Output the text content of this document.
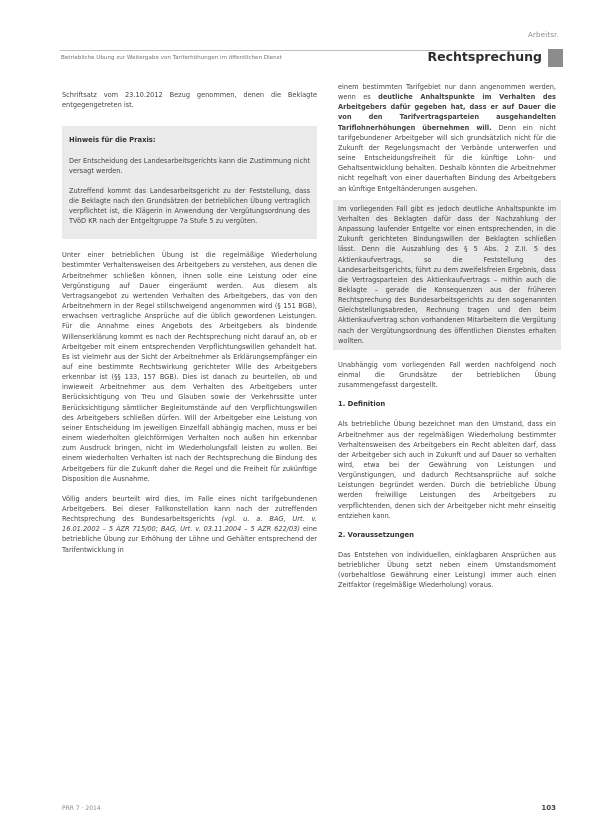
Arbeitsr.
Betriebliche Übung zur Weitergabe von Tariferhöhungen im öffentlichen Dienst	Rechtsprechung

Schriftsatz vom 23.10.2012 Bezug genommen, denen die Beklagte entgegengetreten ist.

Hinweis für die Praxis:

Der Entscheidung des Landesarbeitsgerichts kann die Zustimmung nicht versagt werden.

Zutreffend kommt das Landesarbeitsgericht zu der Feststellung, dass die Beklagte nach den Grundsätzen der betrieblichen Übung vertraglich verpflichtet ist, die Klägerin in Anwendung der Vergütungsordnung des TVöD KR nach der Entgeltgruppe 7a Stufe 5 zu vergüten.

Unter einer betrieblichen Übung ist die regelmäßige Wiederholung bestimmter Verhaltensweisen des Arbeitgebers zu verstehen, aus denen die Arbeitnehmer schließen können, ihnen solle eine Leistung oder eine Vergünstigung auf Dauer eingeräumt werden. Aus diesem als Vertragsangebot zu wertenden Verhalten des Arbeitgebers, das von den Arbeitnehmern in der Regel stillschweigend angenommen wird (§ 151 BGB), erwachsen vertragliche Ansprüche auf die üblich gewordenen Leistungen. Für die Annahme eines Angebots des Arbeitgebers als bindende Willenserklärung kommt es nach der Rechtsprechung nicht darauf an, ob er Arbeitgeber mit einem entsprechenden Verpflichtungswillen gehandelt hat. Es ist vielmehr aus der Sicht der Arbeitnehmer als Erklärungsempfänger ein auf eine bestimmte Rechtswirkung gerichteter Wille des Arbeitgebers erkennbar ist (§§ 133, 157 BGB). Dies ist danach zu beurteilen, ob und inwieweit Arbeitnehmer aus dem Verhalten des Arbeitgebers unter Berücksichtigung von Treu und Glauben sowie der Verkehrssitte unter Berücksichtigung sämtlicher Begleitumstände auf den Verpflichtungswillen des Arbeitgebers schließen dürfen. Will der Arbeitgeber eine Leistung von seiner Entscheidung im jeweiligen Einzelfall abhängig machen, muss er bei einem wiederholten gleichförmigen Verhalten noch außen hin erkennbar zum Ausdruck bringen, nicht im Wiederholungsfall leisten zu wollen. Bei einem wiederholten Verhalten ist nach der Rechtsprechung die Bindung des Arbeitgebers für die Zukunft daher die Regel und die Freiheit für zukünftige Disposition die Ausnahme.

Völlig anders beurteilt wird dies, im Falle eines nicht tarifgebundenen Arbeitgebers. Bei dieser Fallkonstellation kann nach der zutreffenden Rechtsprechung des Bundesarbeitsgerichts (vgl. u. a. BAG, Urt. v. 16.01.2002 – 5 AZR 715/00; BAG, Urt. v. 03.11.2004 – 5 AZR 622/03) eine betriebliche Übung zur Erhöhung der Löhne und Gehälter entsprechend der Tarifentwicklung in

einem bestimmten Tarifgebiet nur dann angenommen werden, wenn es deutliche Anhaltspunkte im Verhalten des Arbeitgebers dafür gegeben hat, dass er auf Dauer die von den Tarifvertragsparteien ausgehandelten Tariflohnerhöhungen übernehmen will. Denn ein nicht tarifgebundener Arbeitgeber will sich grundsätzlich nicht für die Zukunft der Regelungsmacht der Verbände unterwerfen und seine Entscheidungsfreiheit für die künftige Lohn- und Gehaltsentwicklung behalten. Deshalb könnten die Arbeitnehmer nicht regelhaft von einer dauerhaften Bindung des Arbeitgebers an künftige Entgeltänderungen ausgehen.

Im vorliegenden Fall gibt es jedoch deutliche Anhaltspunkte im Verhalten des Beklagten dafür dass der Nachzahlung der Anpassung laufender Entgelte vor einen entsprechenden, in die Zukunft gerichteten Bindungswillen der Beklagten schließen lässt. Denn die Auszahlung des § 5 Abs. 2 Z.II. 5 des Aktienkaufvertrags, so die Feststellung des Landesarbeitsgerichts, führt zu dem zweifelsfreien Ergebnis, dass die Vertragsparteien des Aktienkaufvertrags – mithin auch die Beklagte – gerade die Konsequenzen aus der früheren Rechtsprechung des Bundesarbeitsgerichts zu den sogenannten Gleichstellungsabreden, Rechnung tragen und den beim Aktienkaufvertrag schon vorhandenen Mitarbeitern die Vergütung nach der Vergütungsordnung des öffentlichen Dienstes erhalten wollten.

Unabhängig vom vorliegenden Fall werden nachfolgend noch einmal die Grundsätze der betrieblichen Übung zusammengefasst dargestellt.

1. Definition

Als betriebliche Übung bezeichnet man den Umstand, dass ein Arbeitnehmer aus der regelmäßigen Wiederholung bestimmter Verhaltensweisen des Arbeitgebers ein Recht ableiten darf, dass der Arbeitgeber sich auch in Zukunft und auf Dauer so verhalten wird, etwa bei der Gewährung von Leistungen und Vergünstigungen, und dadurch Rechtsansprüche auf solche Leistungen begründet werden. Durch die betriebliche Übung werden freiwillige Leistungen des Arbeitgebers zu verpflichtenden, denen sich der Arbeitgeber nicht mehr einseitig entziehen kann.

2. Voraussetzungen

Das Entstehen von individuellen, einklagbaren Ansprüchen aus betrieblicher Übung setzt neben einem Umstandsmoment (vorbehaltlose Gewährung einer Leistung) immer auch einen Zeitfaktor (regelmäßige Wiederholung) voraus.

PRR 7 · 2014	103
